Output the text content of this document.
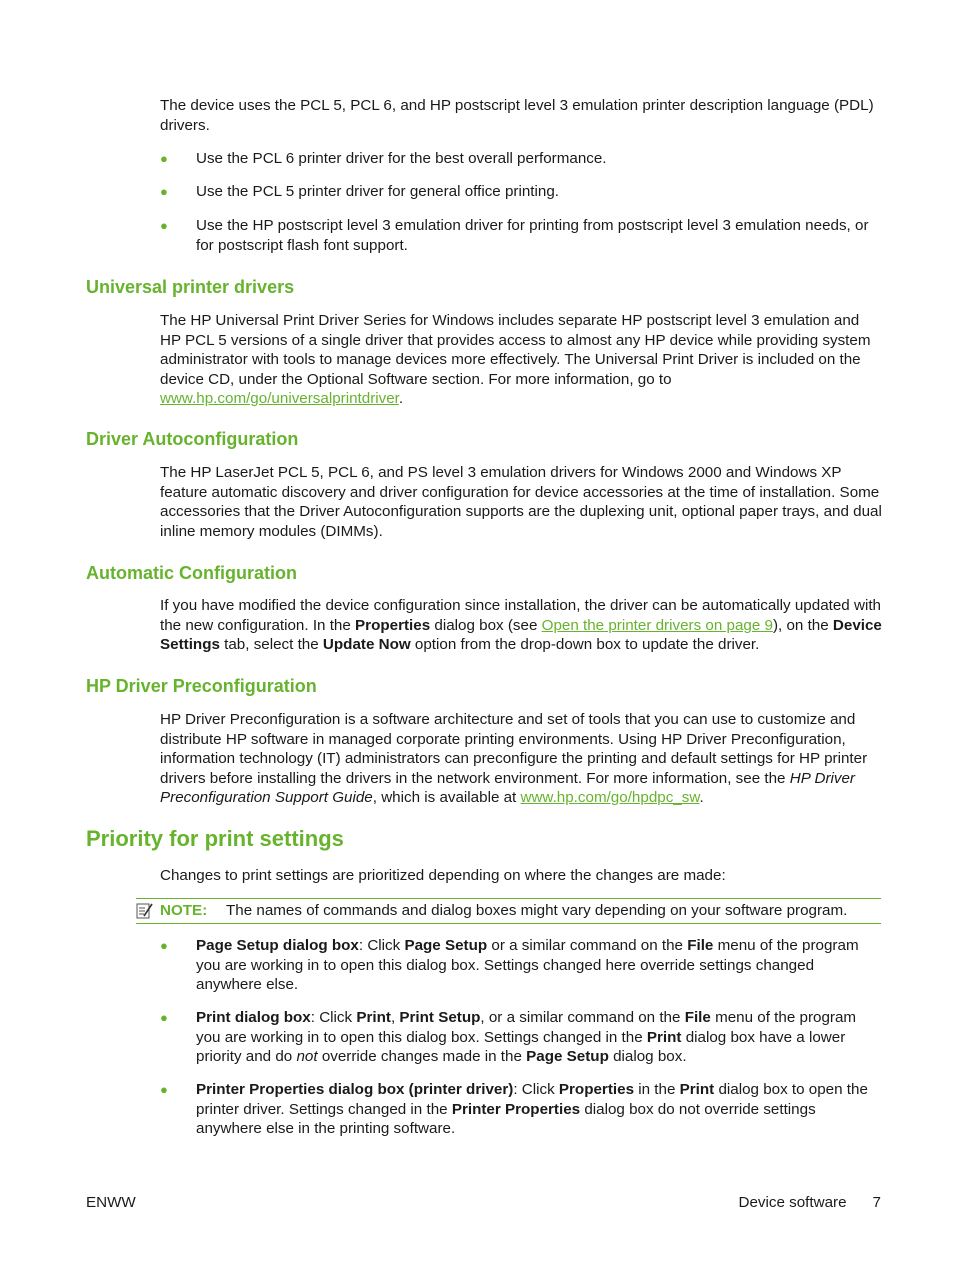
The device uses the PCL 5, PCL 6, and HP postscript level 3 emulation printer description language (PDL) drivers.

● Use the PCL 6 printer driver for the best overall performance.
● Use the PCL 5 printer driver for general office printing.
● Use the HP postscript level 3 emulation driver for printing from postscript level 3 emulation needs, or for postscript flash font support.
Universal printer drivers

The HP Universal Print Driver Series for Windows includes separate HP postscript level 3 emulation and HP PCL 5 versions of a single driver that provides access to almost any HP device while providing system administrator with tools to manage devices more effectively. The Universal Print Driver is included on the device CD, under the Optional Software section. For more information, go to www.hp.com/go/universalprintdriver.

Driver Autoconfiguration

The HP LaserJet PCL 5, PCL 6, and PS level 3 emulation drivers for Windows 2000 and Windows XP feature automatic discovery and driver configuration for device accessories at the time of installation. Some accessories that the Driver Autoconfiguration supports are the duplexing unit, optional paper trays, and dual inline memory modules (DIMMs).

Automatic Configuration

If you have modified the device configuration since installation, the driver can be automatically updated with the new configuration. In the Properties dialog box (see Open the printer drivers on page 9), on the Device Settings tab, select the Update Now option from the drop-down box to update the driver.

HP Driver Preconfiguration

HP Driver Preconfiguration is a software architecture and set of tools that you can use to customize and distribute HP software in managed corporate printing environments. Using HP Driver Preconfiguration, information technology (IT) administrators can preconfigure the printing and default settings for HP printer drivers before installing the drivers in the network environment. For more information, see the HP Driver Preconfiguration Support Guide, which is available at www.hp.com/go/hpdpc_sw.

Priority for print settings

Changes to print settings are prioritized depending on where the changes are made:

NOTE: The names of commands and dialog boxes might vary depending on your software program.
● Page Setup dialog box: Click Page Setup or a similar command on the File menu of the program you are working in to open this dialog box. Settings changed here override settings changed anywhere else.
● Print dialog box: Click Print, Print Setup, or a similar command on the File menu of the program you are working in to open this dialog box. Settings changed in the Print dialog box have a lower priority and do not override changes made in the Page Setup dialog box.
● Printer Properties dialog box (printer driver): Click Properties in the Print dialog box to open the printer driver. Settings changed in the Printer Properties dialog box do not override settings anywhere else in the printing software.
ENWW	Device software 7
